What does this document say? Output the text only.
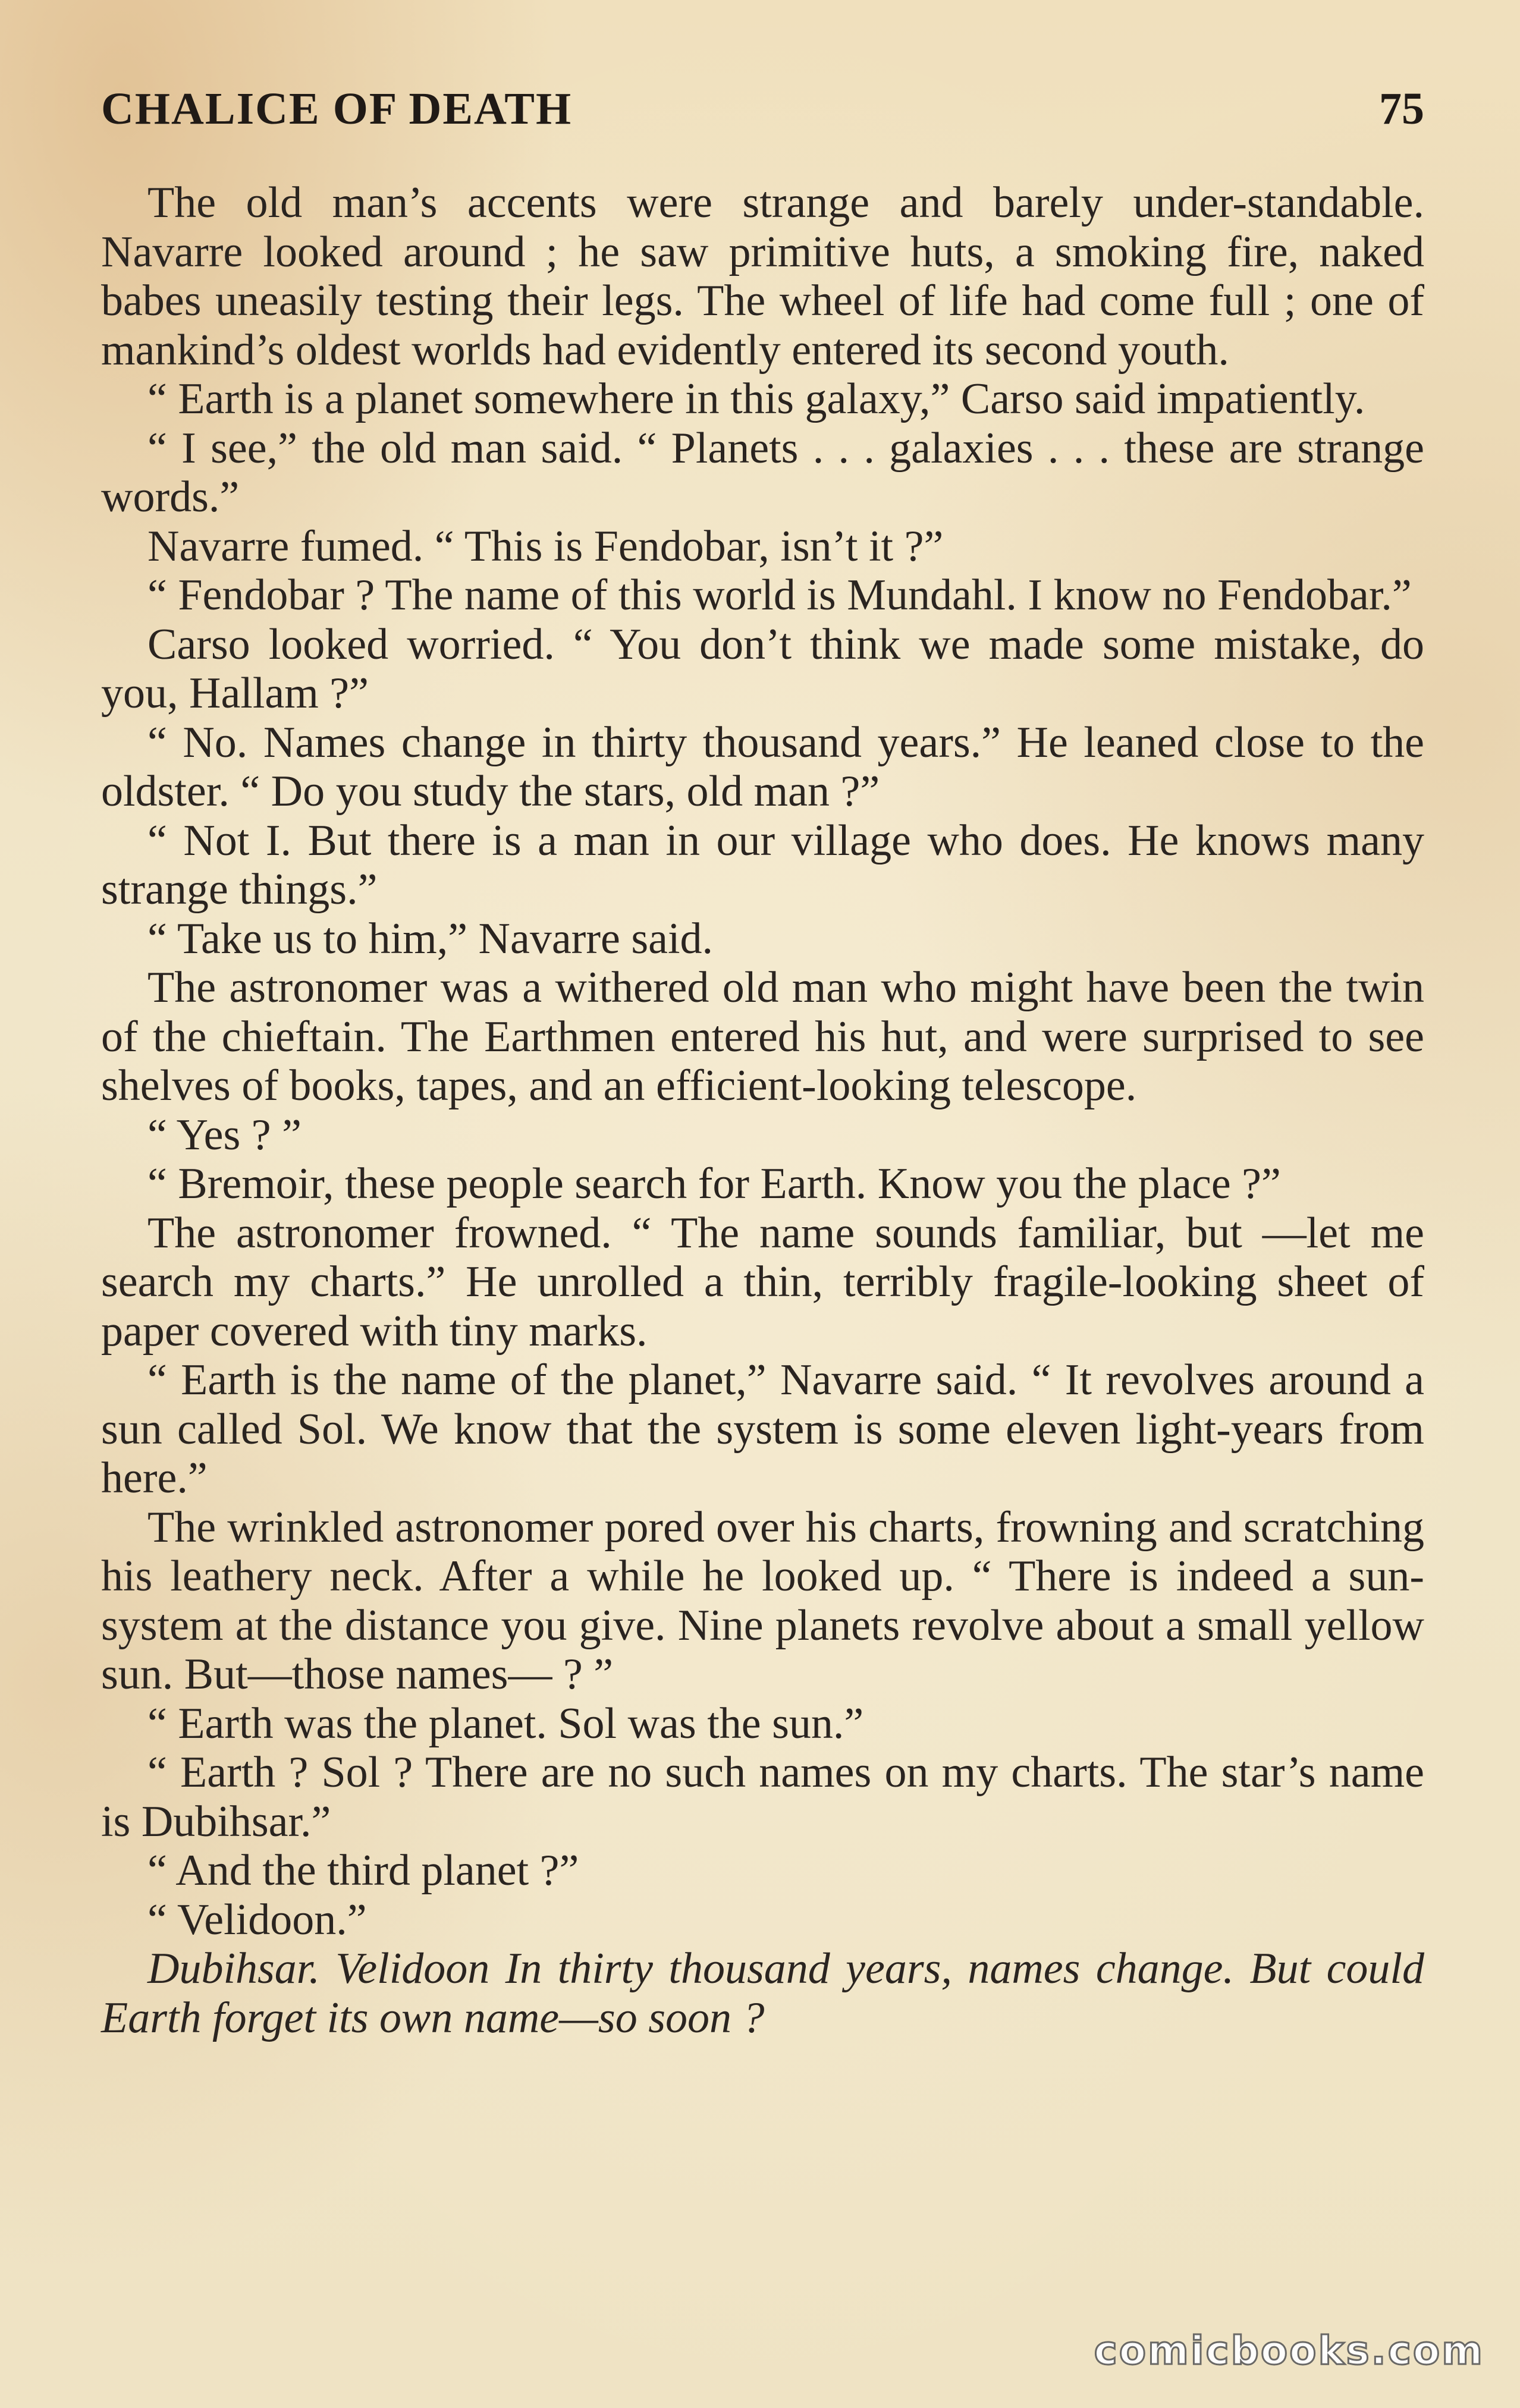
CHALICE OF DEATH	75

The old man’s accents were strange and barely under-standable. Navarre looked around ; he saw primitive huts, a smoking fire, naked babes uneasily testing their legs. The wheel of life had come full ; one of mankind’s oldest worlds had evidently entered its second youth.

“ Earth is a planet somewhere in this galaxy,” Carso said impatiently.

“ I see,” the old man said. “ Planets . . . galaxies . . . these are strange words.”

Navarre fumed. “ This is Fendobar, isn’t it ?”

“ Fendobar ? The name of this world is Mundahl. I know no Fendobar.”

Carso looked worried. “ You don’t think we made some mistake, do you, Hallam ?”

“ No. Names change in thirty thousand years.” He leaned close to the oldster. “ Do you study the stars, old man ?”

“ Not I. But there is a man in our village who does. He knows many strange things.”

“ Take us to him,” Navarre said.

The astronomer was a withered old man who might have been the twin of the chieftain. The Earthmen entered his hut, and were surprised to see shelves of books, tapes, and an efficient-looking telescope.

“ Yes ? ”

“ Bremoir, these people search for Earth. Know you the place ?”

The astronomer frowned. “ The name sounds familiar, but —let me search my charts.” He unrolled a thin, terribly fragile-looking sheet of paper covered with tiny marks.

“ Earth is the name of the planet,” Navarre said. “ It revolves around a sun called Sol. We know that the system is some eleven light-years from here.”

The wrinkled astronomer pored over his charts, frowning and scratching his leathery neck. After a while he looked up. “ There is indeed a sun-system at the distance you give. Nine planets revolve about a small yellow sun. But—those names— ? ”

“ Earth was the planet. Sol was the sun.”

“ Earth ? Sol ? There are no such names on my charts. The star’s name is Dubihsar.”

“ And the third planet ?”

“ Velidoon.”

Dubihsar. Velidoon In thirty thousand years, names change. But could Earth forget its own name—so soon ?

comicbooks.com
